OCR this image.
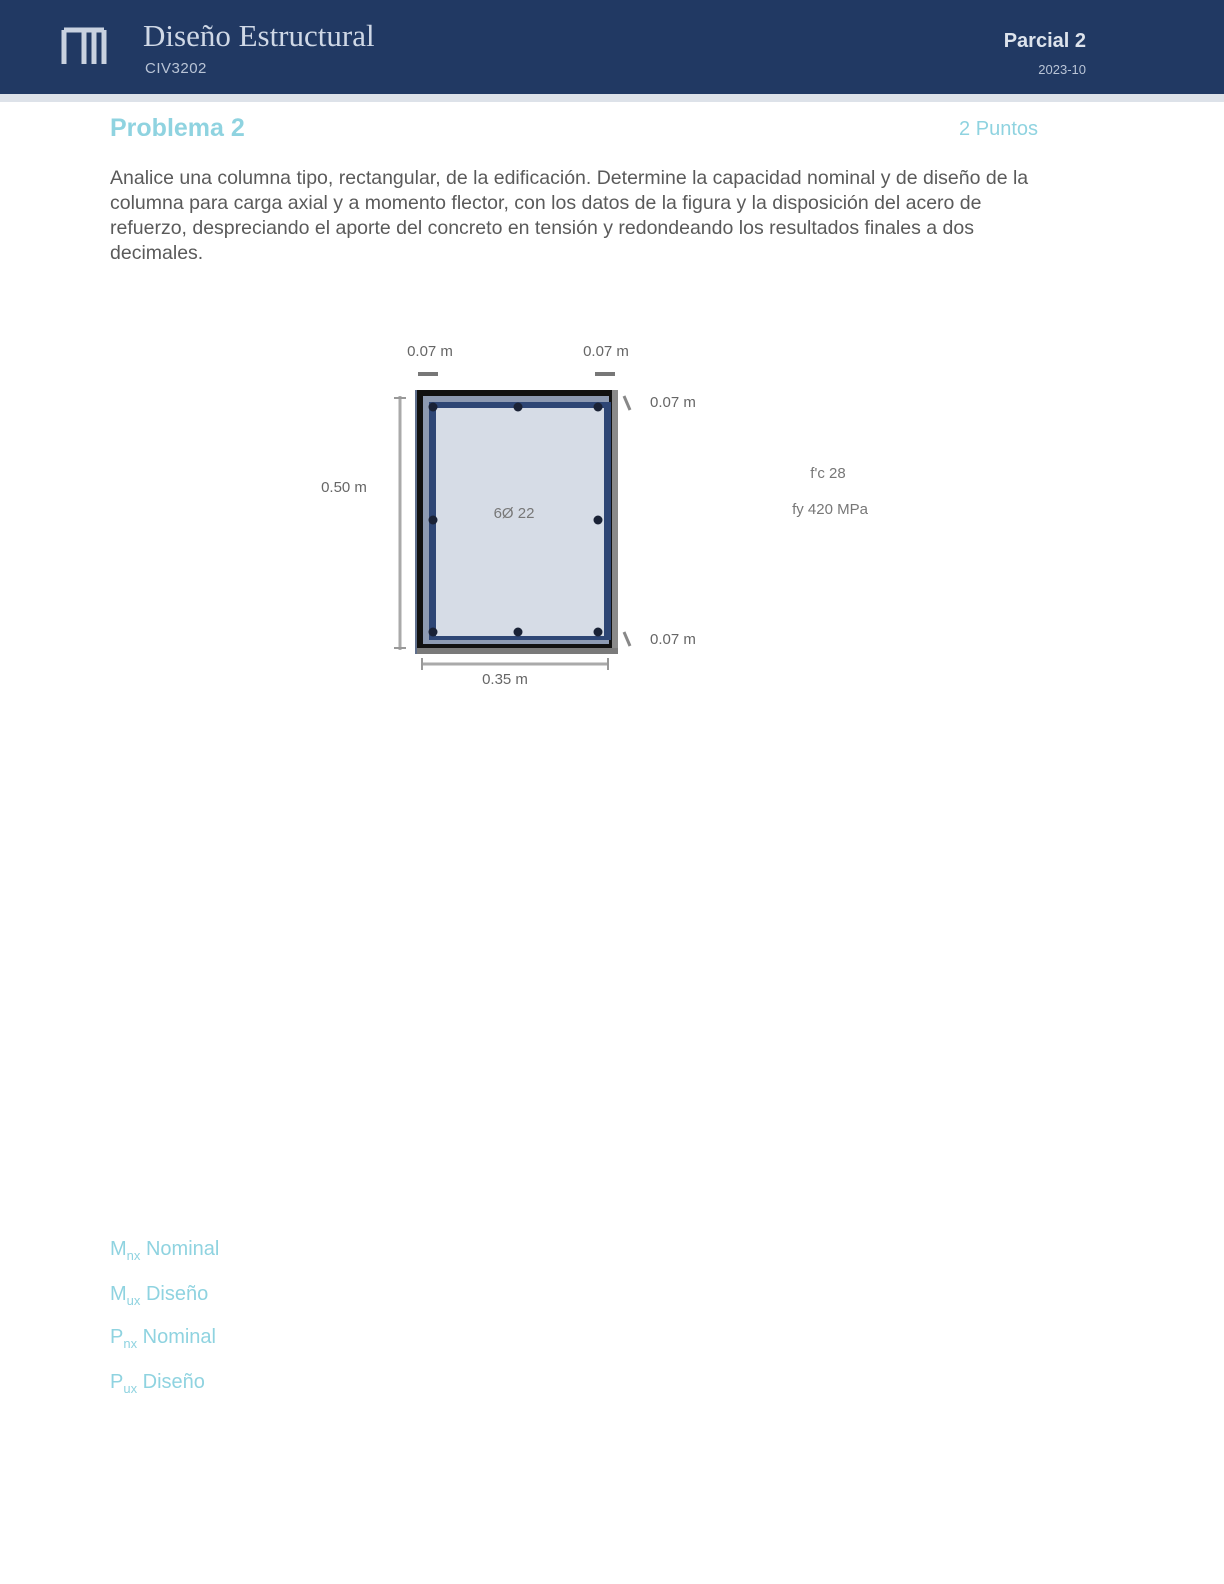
Diseño Estructural
CIV3202
Parcial 2
2023-10
Problema 2	2 Puntos

Analice una columna tipo, rectangular, de la edificación. Determine la capacidad nominal y de diseño de la columna para carga axial y a momento flector, con los datos de la figura y la disposición del acero de refuerzo, despreciando el aporte del concreto en tensión y redondeando los resultados finales a dos decimales.

0.07 m	0.07 m
6Ø 22
0.50 m
0.35 m
0.07 m
0.07 m
f'c 28
fy 420 MPa
$M_{nx}$ Nominal
$M_{ux}$ Diseño
$P_{nx}$ Nominal
$P_{ux}$ Diseño
